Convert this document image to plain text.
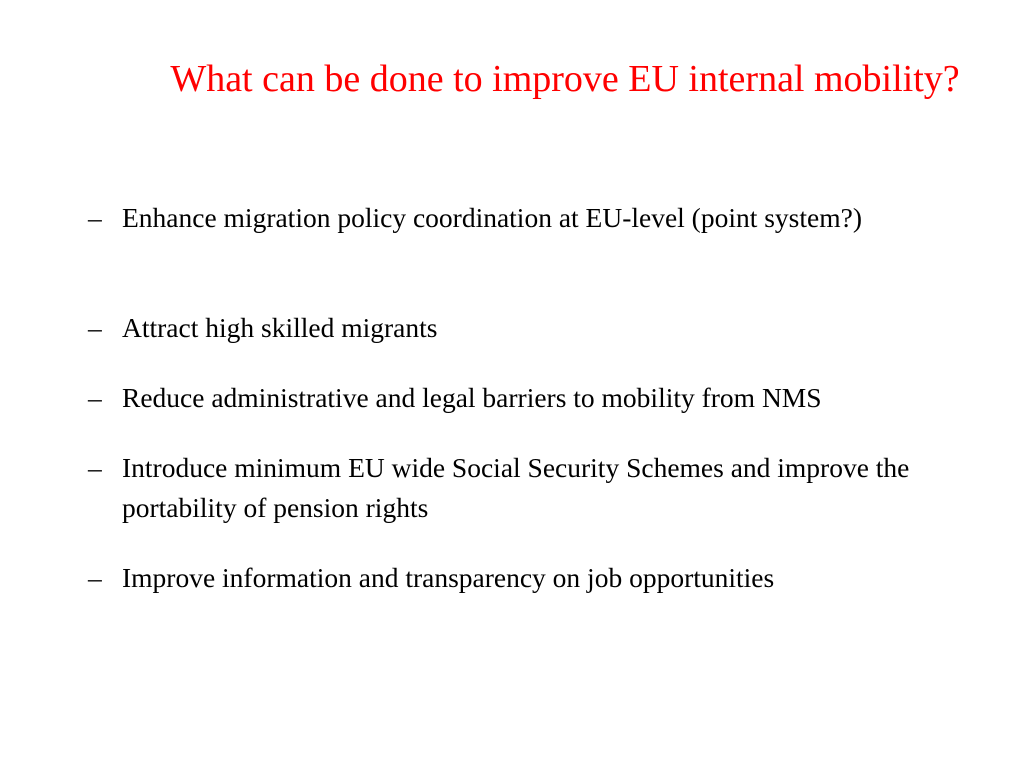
What can be done to improve EU internal mobility?
– Enhance migration policy coordination at EU-level (point system?)
– Attract high skilled migrants
– Reduce administrative and legal barriers to mobility from NMS
– Introduce minimum EU wide Social Security Schemes and improve the portability of pension rights
– Improve information and transparency on job opportunities
